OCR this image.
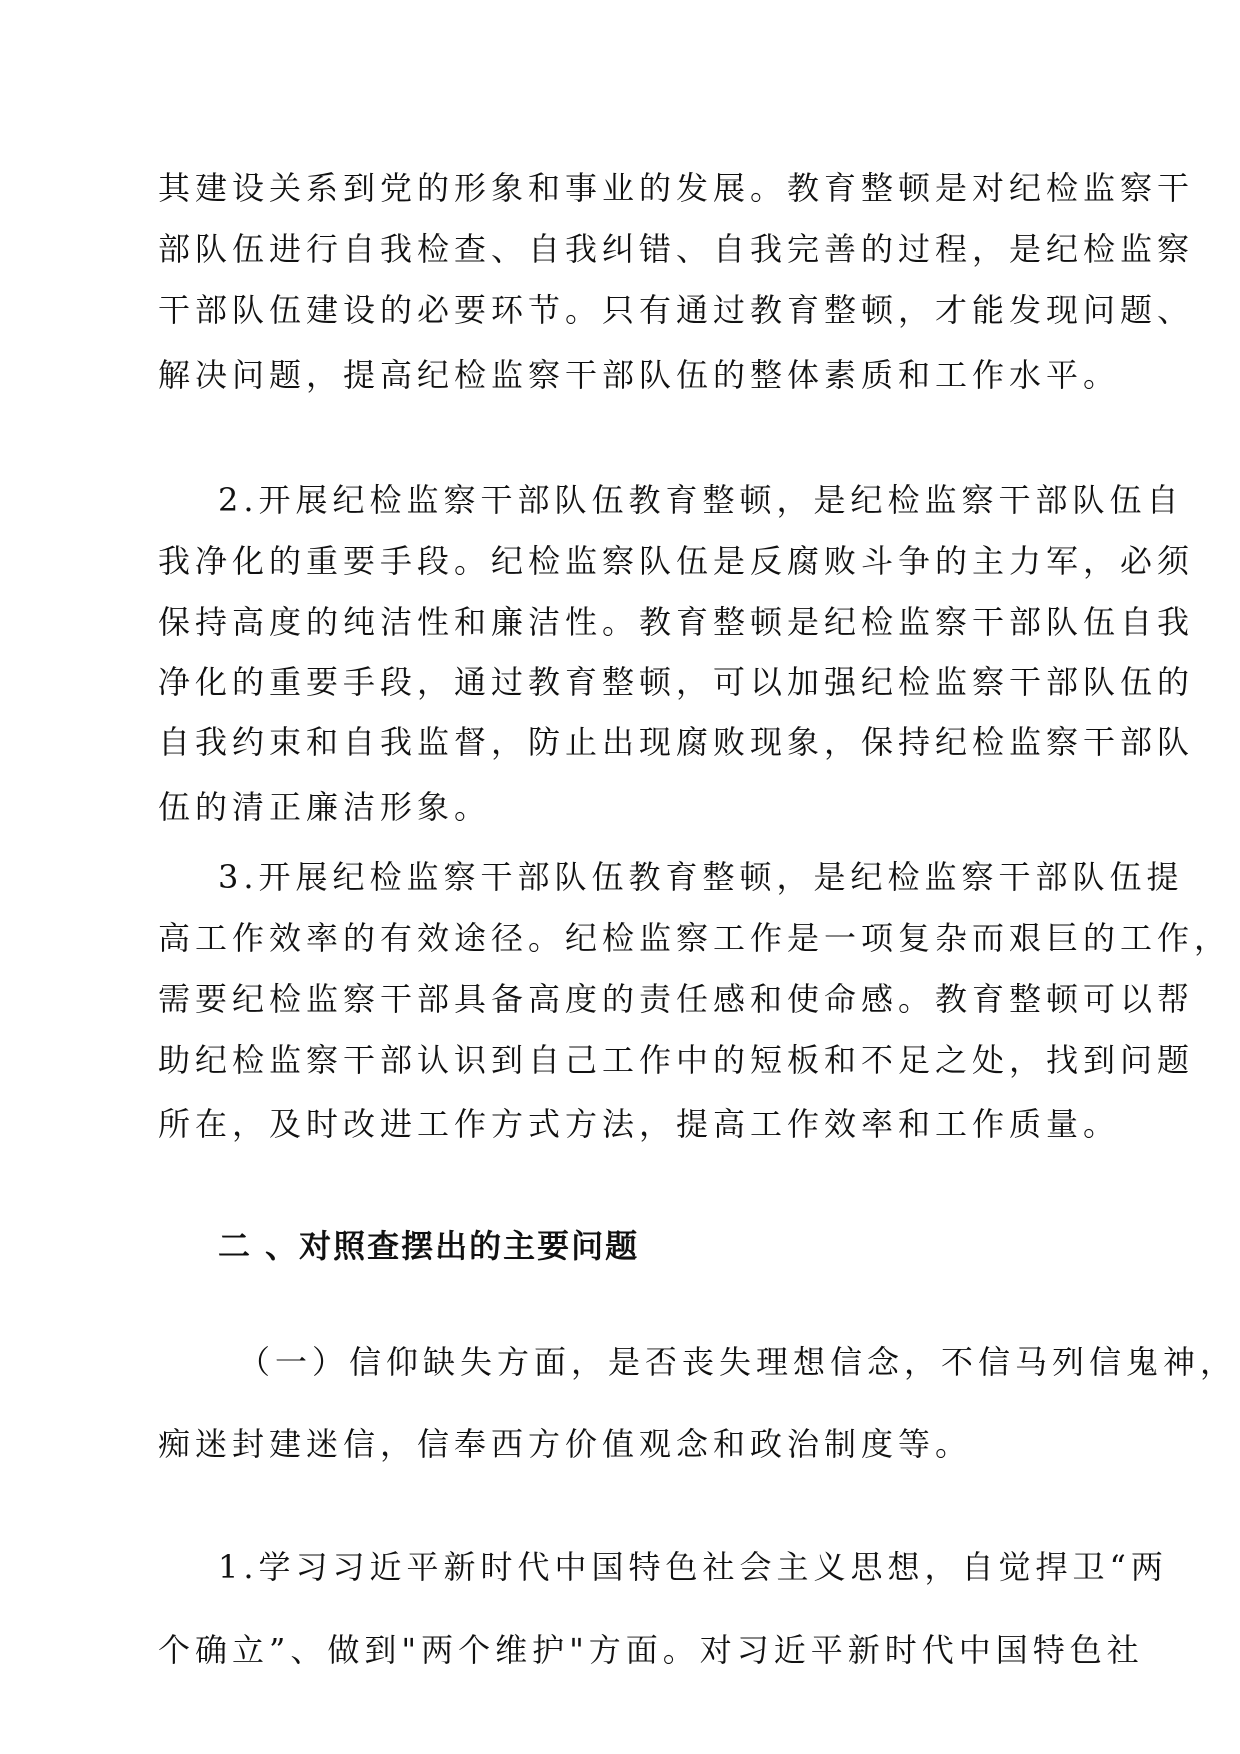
其建设关系到党的形象和事业的发展。教育整顿是对纪检监察干
部队伍进行自我检查、自我纠错、自我完善的过程，是纪检监察
干部队伍建设的必要环节。只有通过教育整顿，才能发现问题、
解决问题，提高纪检监察干部队伍的整体素质和工作水平。
2.开展纪检监察干部队伍教育整顿，是纪检监察干部队伍自
我净化的重要手段。纪检监察队伍是反腐败斗争的主力军，必须
保持高度的纯洁性和廉洁性。教育整顿是纪检监察干部队伍自我
净化的重要手段，通过教育整顿，可以加强纪检监察干部队伍的
自我约束和自我监督，防止出现腐败现象，保持纪检监察干部队
伍的清正廉洁形象。
3.开展纪检监察干部队伍教育整顿，是纪检监察干部队伍提
高工作效率的有效途径。纪检监察工作是一项复杂而艰巨的工作，
需要纪检监察干部具备高度的责任感和使命感。教育整顿可以帮
助纪检监察干部认识到自己工作中的短板和不足之处，找到问题
所在，及时改进工作方式方法，提高工作效率和工作质量。
二 、对照查摆出的主要问题
（一）信仰缺失方面，是否丧失理想信念，不信马列信鬼神，
痴迷封建迷信，信奉西方价值观念和政治制度等。
1.学习习近平新时代中国特色社会主义思想，自觉捍卫“两
个确立”、做到"两个维护"方面。对习近平新时代中国特色社
